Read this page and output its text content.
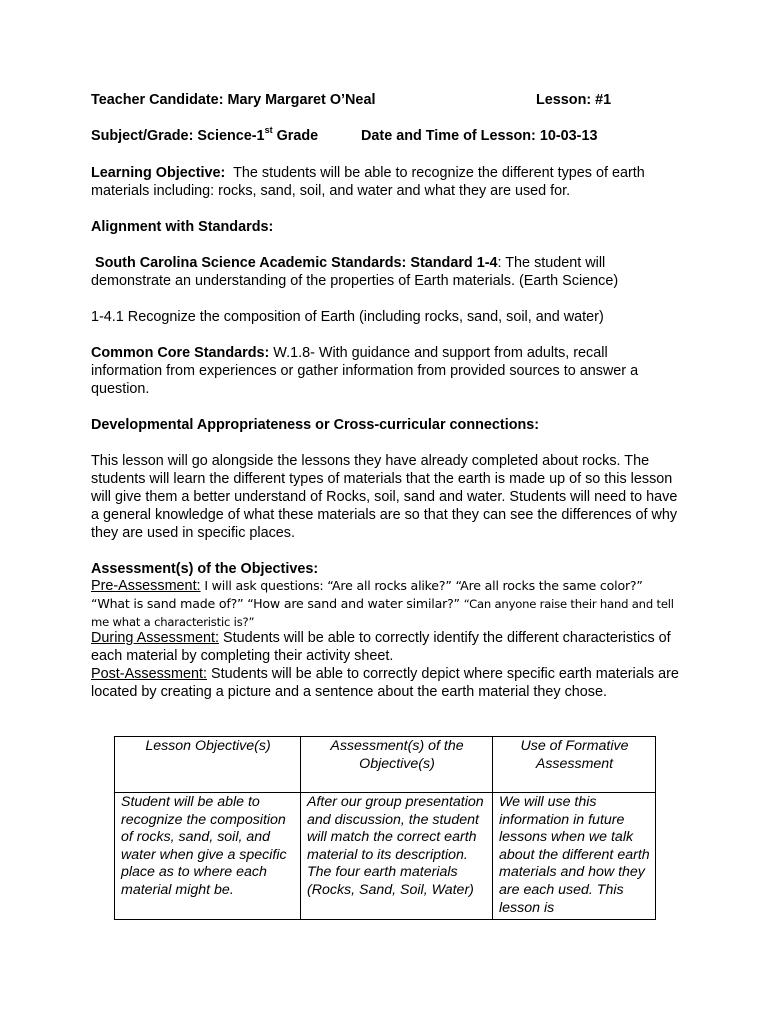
Teacher Candidate: Mary Margaret O’Neal	Lesson: #1
Subject/Grade: Science-1st Grade	Date and Time of Lesson: 10-03-13

Learning Objective:  The students will be able to recognize the different types of earth materials including: rocks, sand, soil, and water and what they are used for.

Alignment with Standards:

South Carolina Science Academic Standards: Standard 1-4: The student will demonstrate an understanding of the properties of Earth materials. (Earth Science)

1-4.1 Recognize the composition of Earth (including rocks, sand, soil, and water)

Common Core Standards: W.1.8- With guidance and support from adults, recall information from experiences or gather information from provided sources to answer a question.

Developmental Appropriateness or Cross-curricular connections:

This lesson will go alongside the lessons they have already completed about rocks. The students will learn the different types of materials that the earth is made up of so this lesson will give them a better understand of Rocks, soil, sand and water. Students will need to have a general knowledge of what these materials are so that they can see the differences of why they are used in specific places.

Assessment(s) of the Objectives:

Pre-Assessment: I will ask questions: “Are all rocks alike?” “Are all rocks the same color?” “What is sand made of?” “How are sand and water similar?” “Can anyone raise their hand and tell me what a characteristic is?”

During Assessment: Students will be able to correctly identify the different characteristics of each material by completing their activity sheet.

Post-Assessment: Students will be able to correctly depict where specific earth materials are located by creating a picture and a sentence about the earth material they chose.

Lesson Objective(s)	Assessment(s) of the Objective(s)	Use of Formative Assessment
Student will be able to recognize the composition of rocks, sand, soil, and water when give a specific place as to where each material might be.	After our group presentation and discussion, the student will match the correct earth material to its description. The four earth materials (Rocks, Sand, Soil, Water)	We will use this information in future lessons when we talk about the different earth materials and how they are each used. This lesson is
